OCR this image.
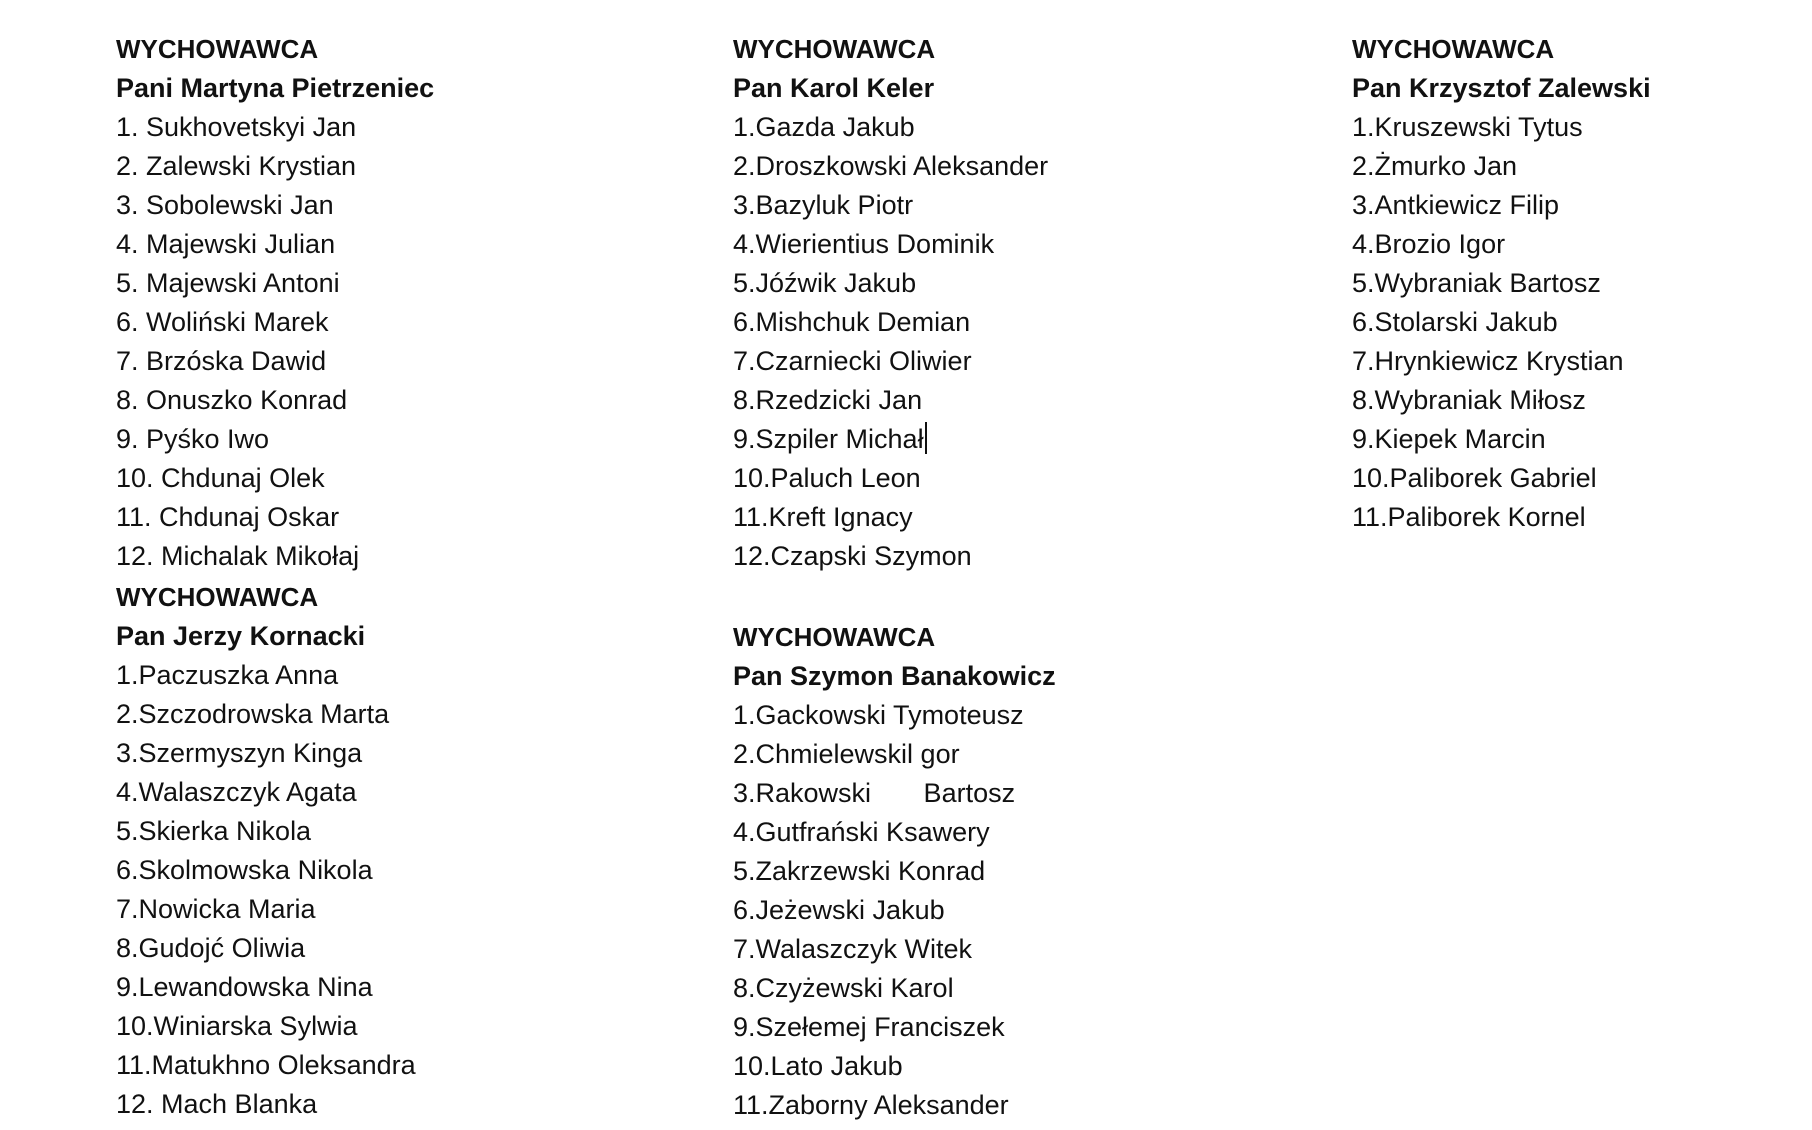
WYCHOWAWCA
Pani Martyna Pietrzeniec
1. Sukhovetskyi Jan
2. Zalewski Krystian
3. Sobolewski Jan
4. Majewski Julian
5. Majewski Antoni
6. Woliński Marek
7. Brzóska Dawid
8. Onuszko Konrad
9. Pyśko Iwo
10. Chdunaj Olek
11. Chdunaj Oskar
12. Michalak Mikołaj
WYCHOWAWCA
Pan Karol Keler
1.Gazda Jakub
2.Droszkowski Aleksander
3.Bazyluk Piotr
4.Wierientius Dominik
5.Jóźwik Jakub
6.Mishchuk Demian
7.Czarniecki Oliwier
8.Rzedzicki Jan
9.Szpiler Michał
10.Paluch Leon
11.Kreft Ignacy
12.Czapski Szymon
WYCHOWAWCA
Pan Krzysztof Zalewski
1.Kruszewski Tytus
2.Żmurko Jan
3.Antkiewicz Filip
4.Brozio Igor
5.Wybraniak Bartosz
6.Stolarski Jakub
7.Hrynkiewicz Krystian
8.Wybraniak Miłosz
9.Kiepek Marcin
10.Paliborek Gabriel
11.Paliborek Kornel
WYCHOWAWCA
Pan Jerzy Kornacki
1.Paczuszka Anna
2.Szczodrowska Marta
3.Szermyszyn Kinga
4.Walaszczyk Agata
5.Skierka Nikola
6.Skolmowska Nikola
7.Nowicka Maria
8.Gudojć Oliwia
9.Lewandowska Nina
10.Winiarska Sylwia
11.Matukhno Oleksandra
12. Mach Blanka
WYCHOWAWCA
Pan Szymon Banakowicz
1.Gackowski Tymoteusz
2.Chmielewskil gor
3.Rakowski       Bartosz
4.Gutfrański Ksawery
5.Zakrzewski Konrad
6.Jeżewski Jakub
7.Walaszczyk Witek
8.Czyżewski Karol
9.Szełemej Franciszek
10.Lato Jakub
11.Zaborny Aleksander
